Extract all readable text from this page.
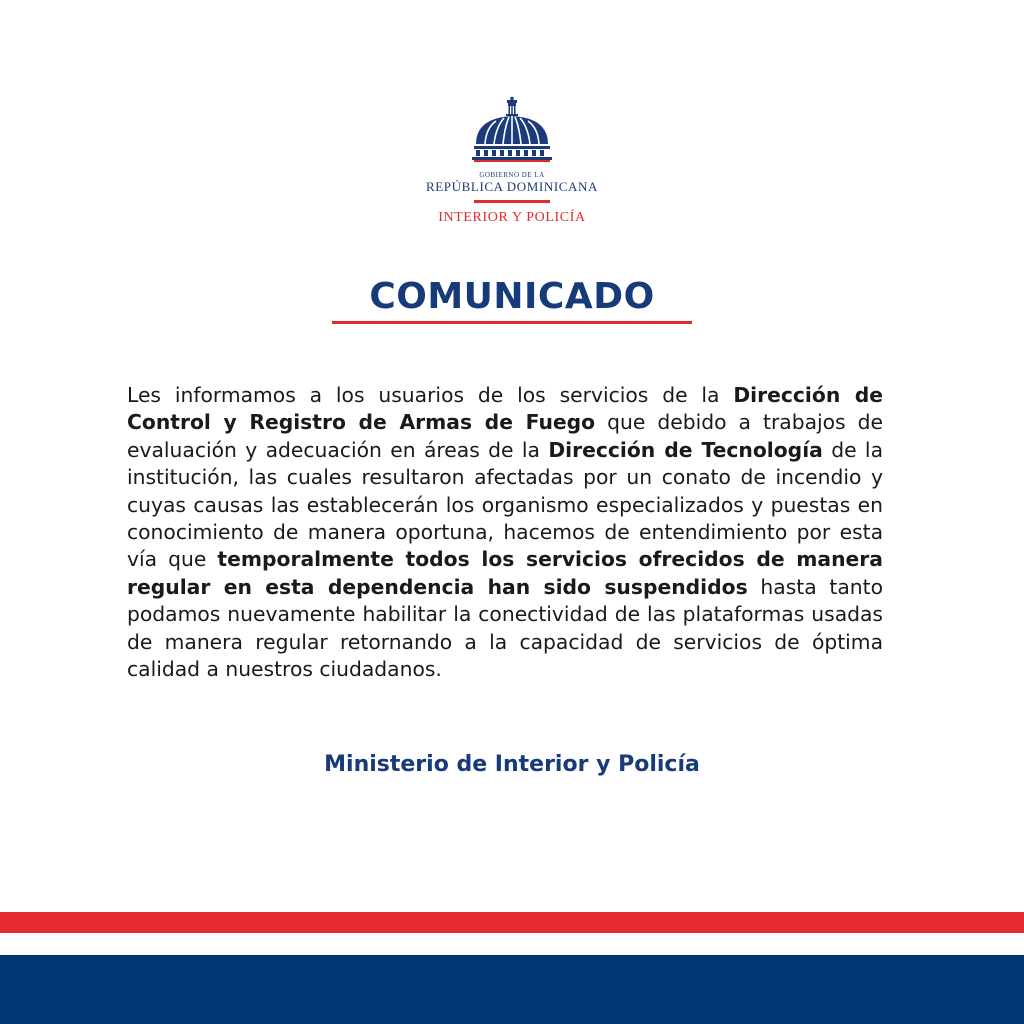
GOBIERNO DE LA
REPÚBLICA DOMINICANA
INTERIOR Y POLICÍA
COMUNICADO
Les informamos a los usuarios de los servicios de la Dirección de Control y Registro de Armas de Fuego que debido a trabajos de evaluación y adecuación en áreas de la Dirección de Tecnología de la institución, las cuales resultaron afectadas por un conato de incendio y cuyas causas las establecerán los organismo especializados y puestas en conocimiento de manera oportuna, hacemos de entendimiento por esta vía que temporalmente todos los servicios ofrecidos de manera regular en esta dependencia han sido suspendidos hasta tanto podamos nuevamente habilitar la conectividad de las plataformas usadas de manera regular retornando a la capacidad de servicios de óptima calidad a nuestros ciudadanos.
Ministerio de Interior y Policía
